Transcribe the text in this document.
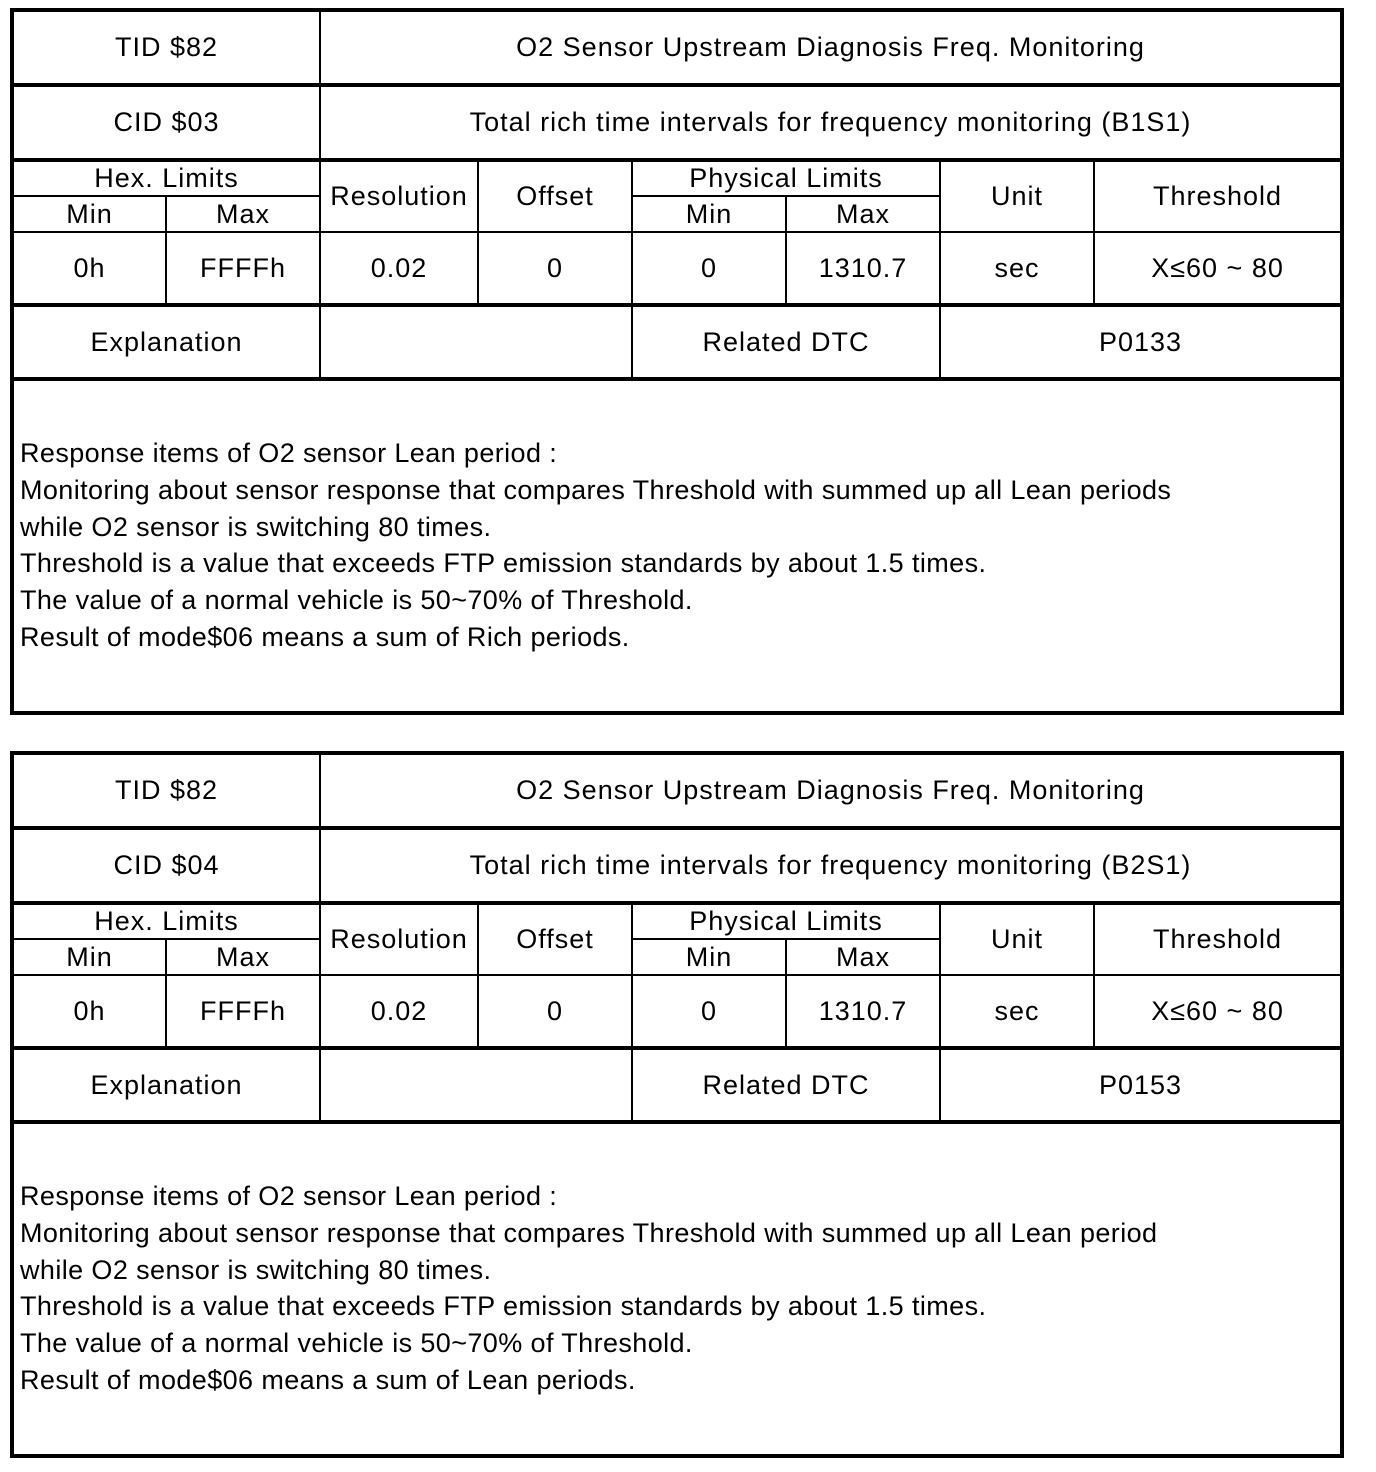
TID $82		O2 Sensor Upstream Diagnosis Freq. Monitoring					
CID $03		Total rich time intervals for frequency monitoring (B1S1)					
Hex. Limits		Resolution	Offset	Physical Limits		Unit	Threshold
Min	Max			Min	Max		
0h	FFFFh	0.02	0	0	1310.7	sec	X≤60 ~ 80
Explanation				Related DTC		P0133	
Response items of O2 sensor Lean period :
Monitoring about sensor response that compares Threshold with summed up all Lean periods
while O2 sensor is switching 80 times.
Threshold is a value that exceeds FTP emission standards by about 1.5 times.
The value of a normal vehicle is 50~70% of Threshold.
Result of mode$06 means a sum of Rich periods.
TID $82		O2 Sensor Upstream Diagnosis Freq. Monitoring					
CID $04		Total rich time intervals for frequency monitoring (B2S1)					
Hex. Limits		Resolution	Offset	Physical Limits		Unit	Threshold
Min	Max			Min	Max		
0h	FFFFh	0.02	0	0	1310.7	sec	X≤60 ~ 80
Explanation				Related DTC		P0153	
Response items of O2 sensor Lean period :
Monitoring about sensor response that compares Threshold with summed up all Lean period
while O2 sensor is switching 80 times.
Threshold is a value that exceeds FTP emission standards by about 1.5 times.
The value of a normal vehicle is 50~70% of Threshold.
Result of mode$06 means a sum of Lean periods.
